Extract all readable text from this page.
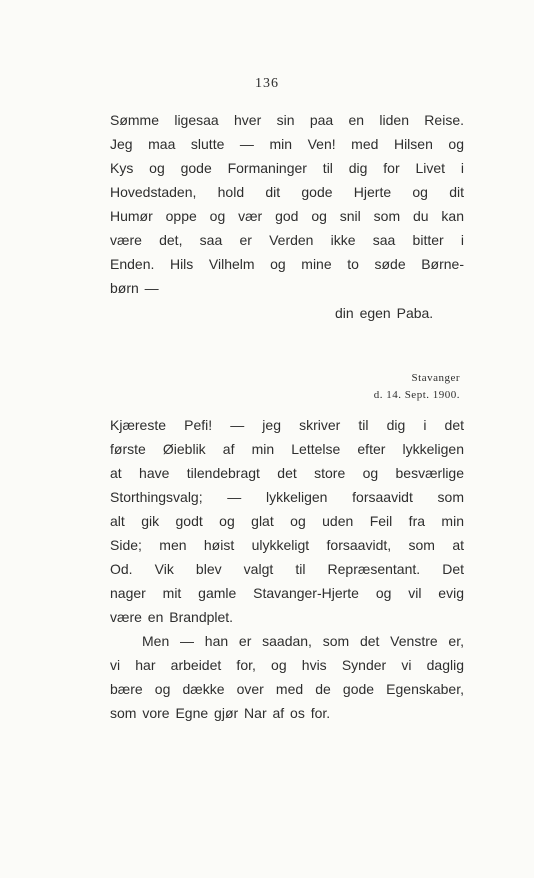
136
Sømme ligesaa hver sin paa en liden Reise.
Jeg maa slutte — min Ven! med Hilsen og
Kys og gode Formaninger til dig for Livet i
Hovedstaden, hold dit gode Hjerte og dit
Humør oppe og vær god og snil som du kan
være det, saa er Verden ikke saa bitter i
Enden. Hils Vilhelm og mine to søde Børne-
børn —
din egen Paba.
Stavanger
d. 14. Sept. 1900.
Kjæreste Pefi! — jeg skriver til dig i det
første Øieblik af min Lettelse efter lykkeligen
at have tilendebragt det store og besværlige
Storthingsvalg; — lykkeligen forsaavidt som
alt gik godt og glat og uden Feil fra min
Side; men høist ulykkeligt forsaavidt, som at
Od. Vik blev valgt til Repræsentant. Det
nager mit gamle Stavanger-Hjerte og vil evig
være en Brandplet.
Men — han er saadan, som det Venstre er,
vi har arbeidet for, og hvis Synder vi daglig
bære og dække over med de gode Egenskaber,
som vore Egne gjør Nar af os for.
